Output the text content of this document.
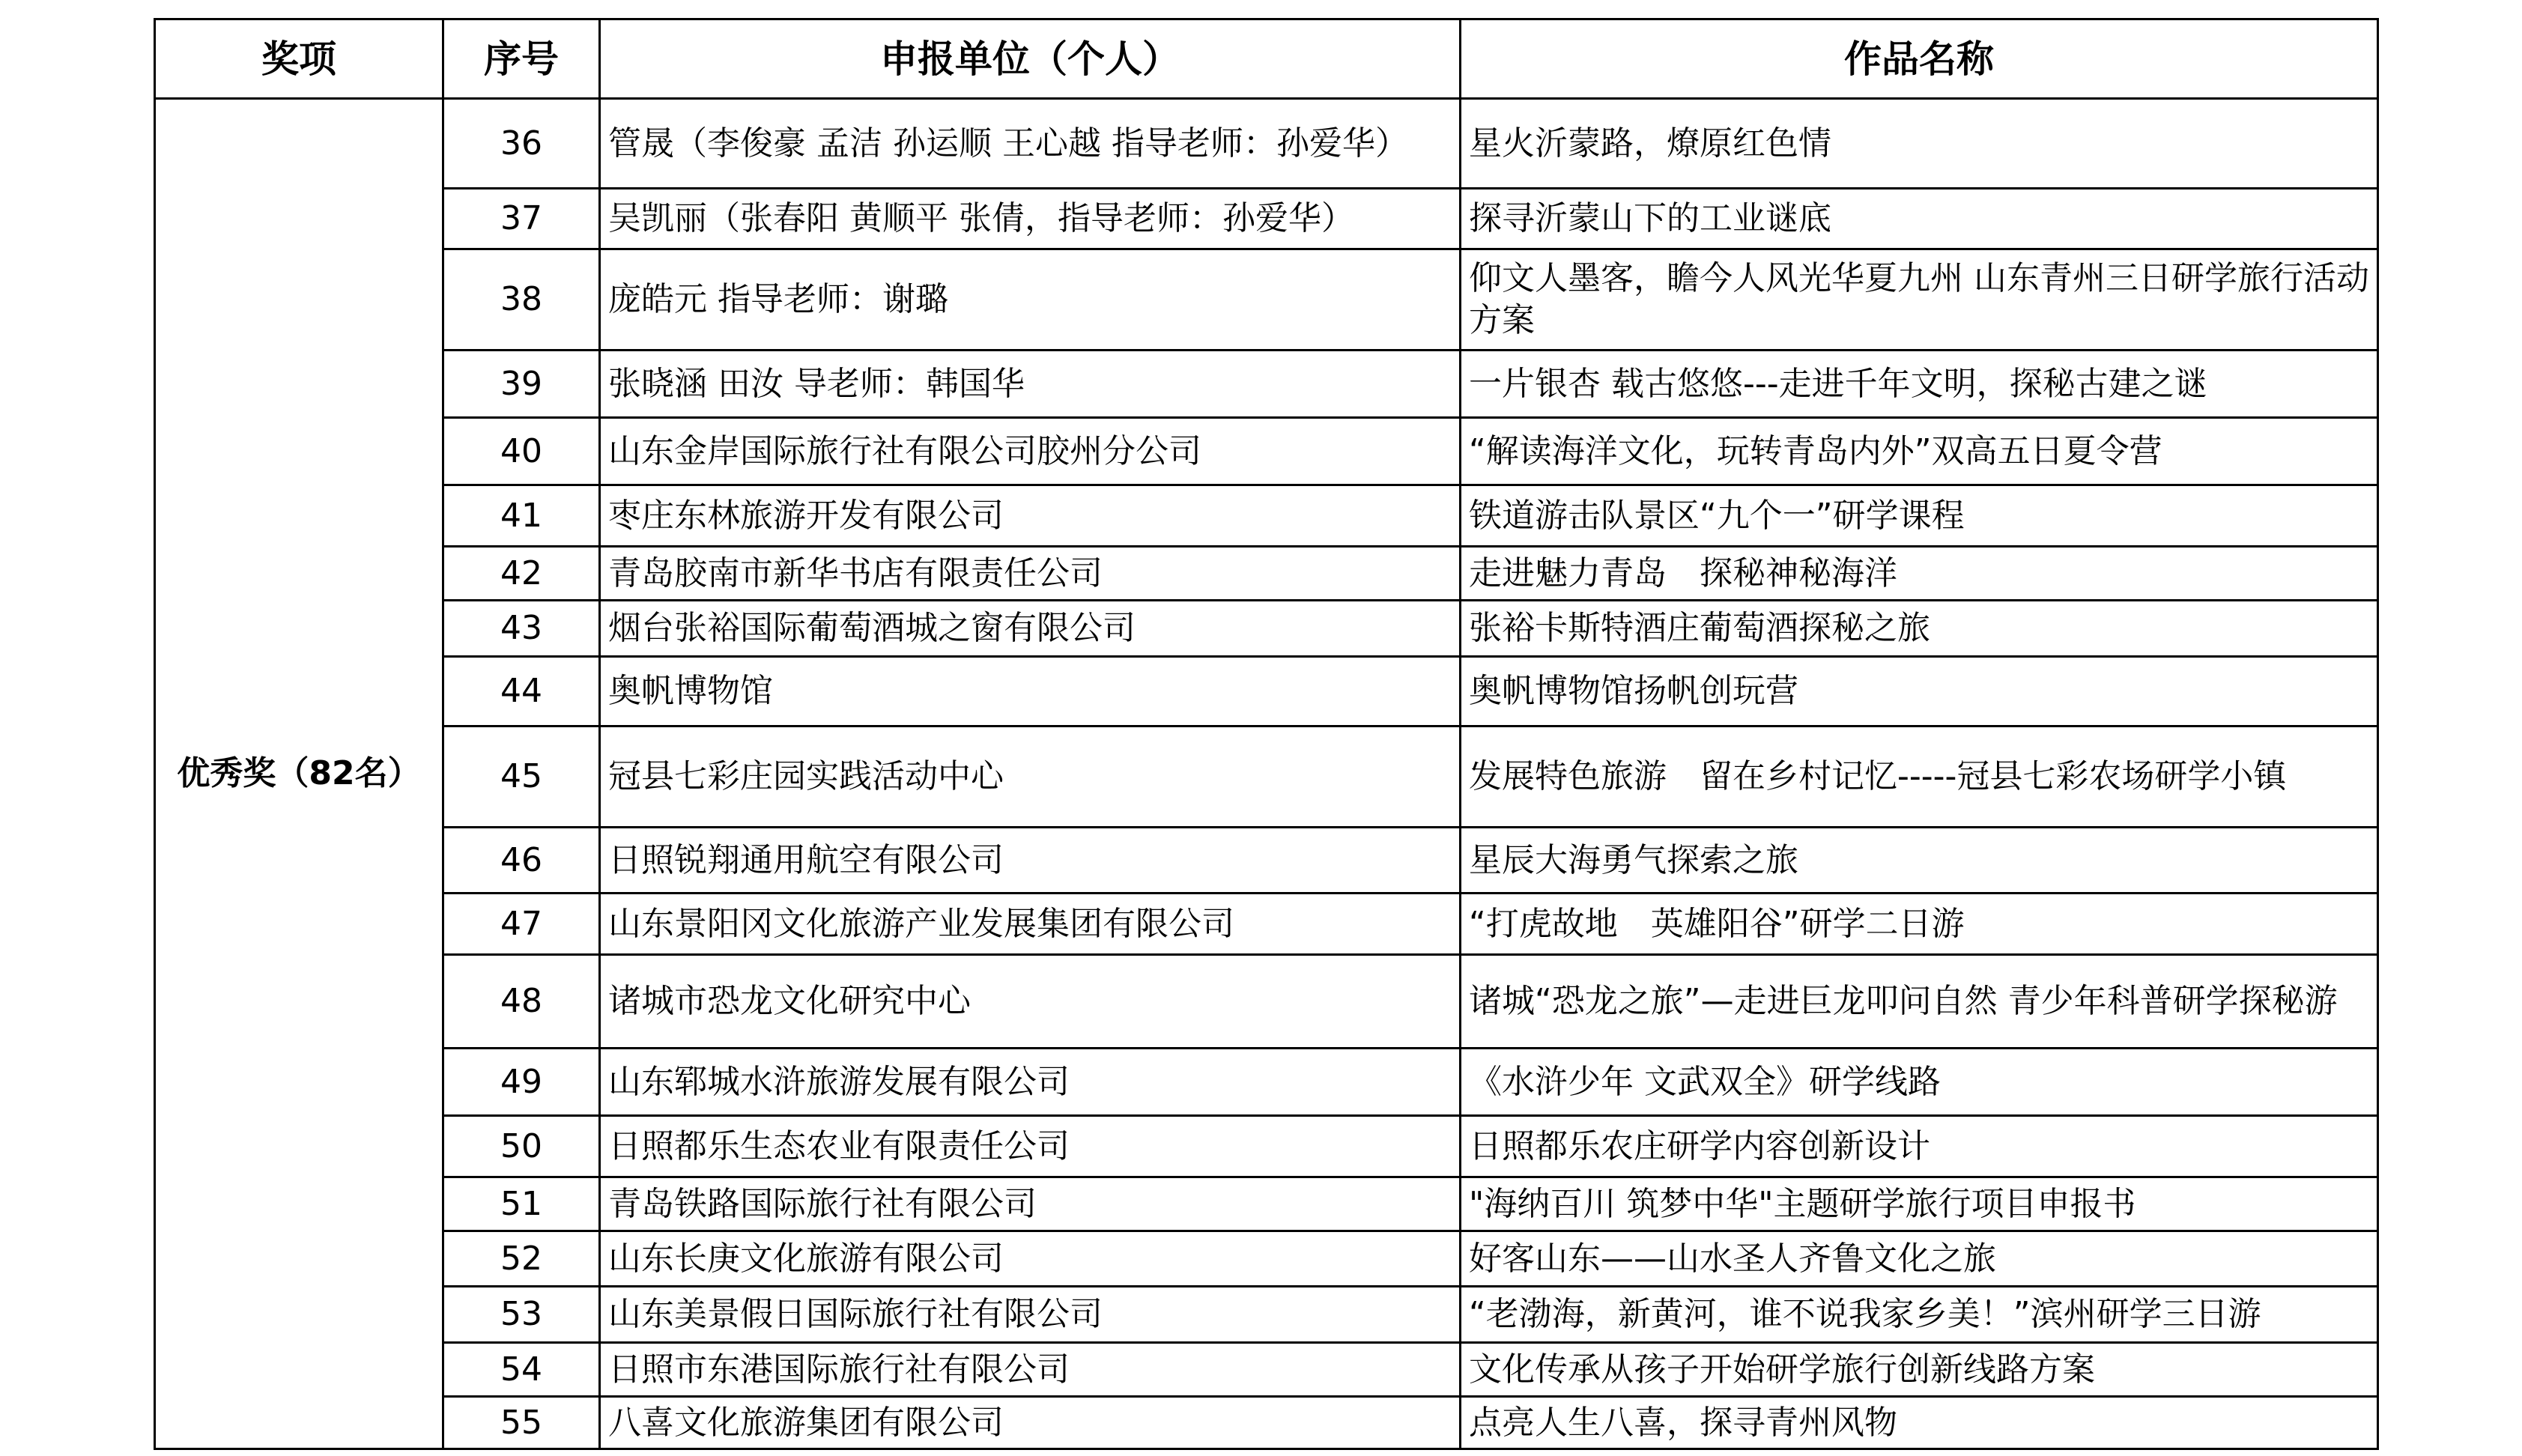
奖项	序号	申报单位（个人）	作品名称
优秀奖（82名）	36	管晟（李俊豪 孟洁 孙运顺 王心越 指导老师：孙爱华）	星火沂蒙路，燎原红色情
	37	吴凯丽（张春阳 黄顺平 张倩，指导老师：孙爱华）	探寻沂蒙山下的工业谜底
	38	庞皓元 指导老师：谢璐	仰文人墨客，瞻今人风光华夏九州 山东青州三日研学旅行活动方案
	39	张晓涵 田汝 导老师：韩国华	一片银杏 载古悠悠---走进千年文明，探秘古建之谜
	40	山东金岸国际旅行社有限公司胶州分公司	“解读海洋文化，玩转青岛内外”双高五日夏令营
	41	枣庄东林旅游开发有限公司	铁道游击队景区“九个一”研学课程
	42	青岛胶南市新华书店有限责任公司	走进魅力青岛　探秘神秘海洋
	43	烟台张裕国际葡萄酒城之窗有限公司	张裕卡斯特酒庄葡萄酒探秘之旅
	44	奥帆博物馆	奥帆博物馆扬帆创玩营
	45	冠县七彩庄园实践活动中心	发展特色旅游　留在乡村记忆-----冠县七彩农场研学小镇
	46	日照锐翔通用航空有限公司	星辰大海勇气探索之旅
	47	山东景阳冈文化旅游产业发展集团有限公司	“打虎故地　英雄阳谷”研学二日游
	48	诸城市恐龙文化研究中心	诸城“恐龙之旅”—走进巨龙叩问自然 青少年科普研学探秘游
	49	山东郓城水浒旅游发展有限公司	《水浒少年 文武双全》研学线路
	50	日照都乐生态农业有限责任公司	日照都乐农庄研学内容创新设计
	51	青岛铁路国际旅行社有限公司	"海纳百川 筑梦中华"主题研学旅行项目申报书
	52	山东长庚文化旅游有限公司	好客山东——山水圣人齐鲁文化之旅
	53	山东美景假日国际旅行社有限公司	“老渤海，新黄河，谁不说我家乡美！”滨州研学三日游
	54	日照市东港国际旅行社有限公司	文化传承从孩子开始研学旅行创新线路方案
	55	八喜文化旅游集团有限公司	点亮人生八喜，探寻青州风物
